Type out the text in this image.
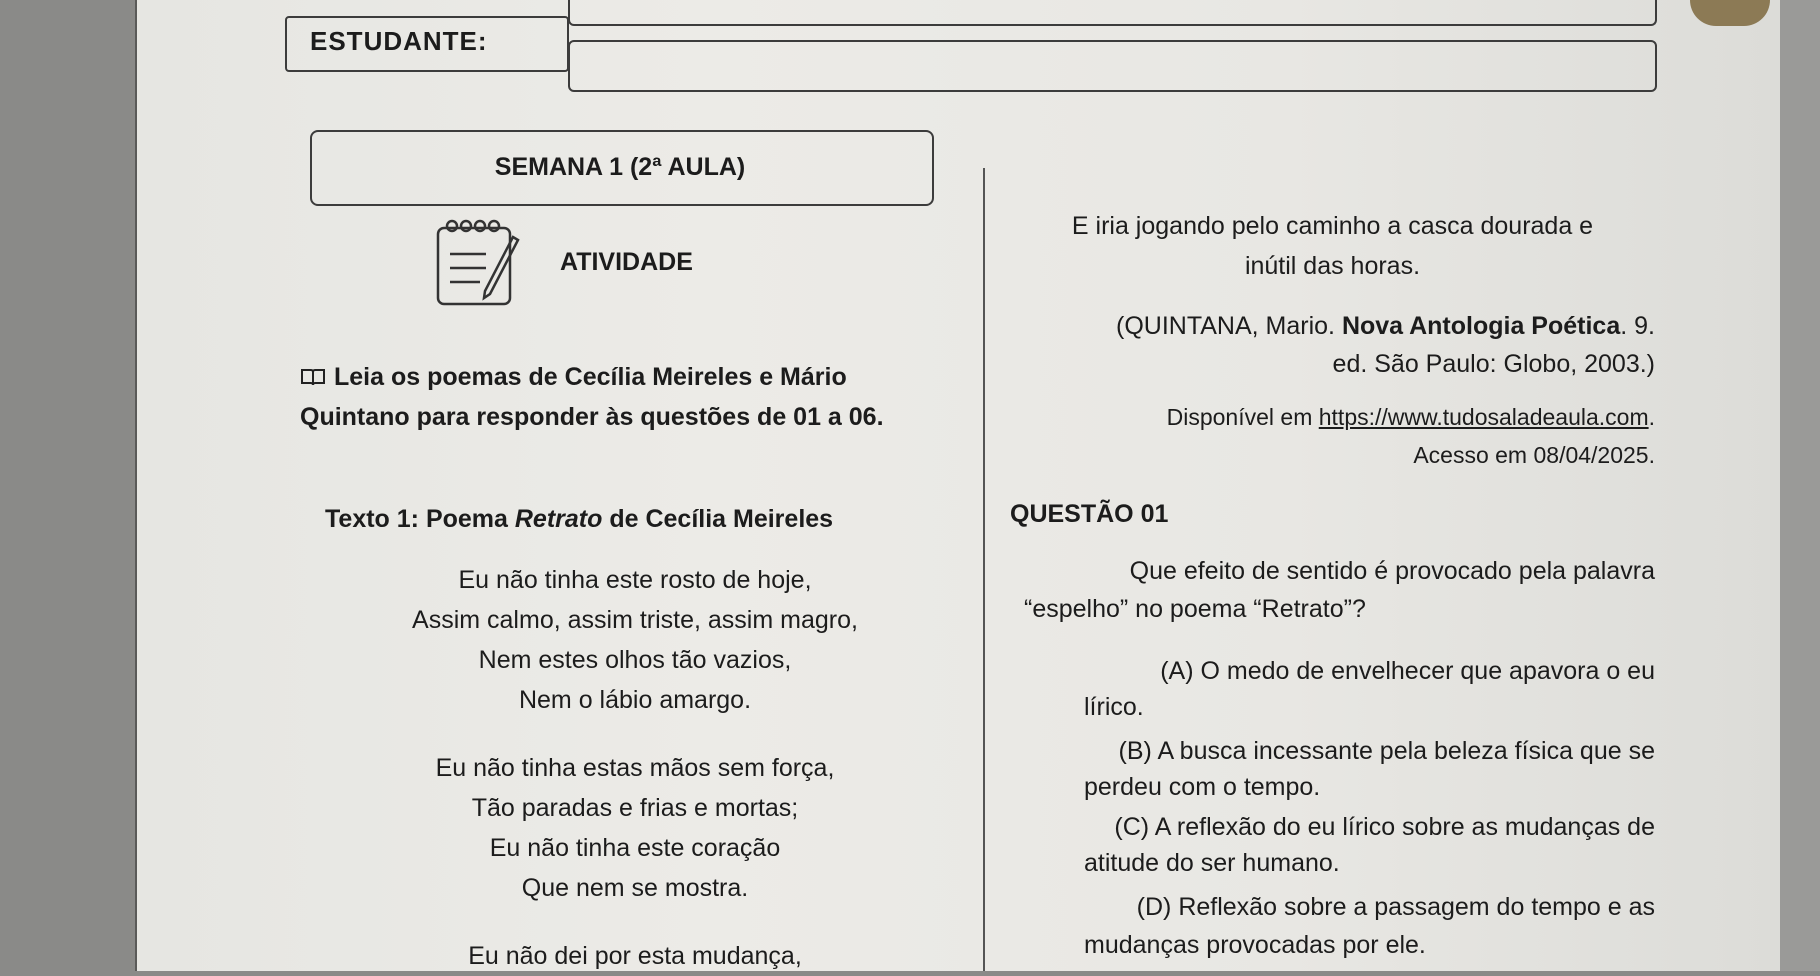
ESTUDANTE:
SEMANA 1 (2ª AULA)
ATIVIDADE
Leia os poemas de Cecília Meireles e Mário Quintano para responder às questões de 01 a 06.
Texto 1: Poema Retrato de Cecília Meireles
Eu não tinha este rosto de hoje,
Assim calmo, assim triste, assim magro,
Nem estes olhos tão vazios,
Nem o lábio amargo.
Eu não tinha estas mãos sem força,
Tão paradas e frias e mortas;
Eu não tinha este coração
Que nem se mostra.
Eu não dei por esta mudança,
E iria jogando pelo caminho a casca dourada e
inútil das horas.
(QUINTANA, Mario. Nova Antologia Poética. 9.
ed. São Paulo: Globo, 2003.)
Disponível em https://www.tudosaladeaula.com.
Acesso em 08/04/2025.
QUESTÃO 01
Que efeito de sentido é provocado pela palavra
“espelho” no poema “Retrato”?
(A) O medo de envelhecer que apavora o eu
lírico.
(B) A busca incessante pela beleza física que se
perdeu com o tempo.
(C) A reflexão do eu lírico sobre as mudanças de
atitude do ser humano.
(D) Reflexão sobre a passagem do tempo e as
mudanças provocadas por ele.
